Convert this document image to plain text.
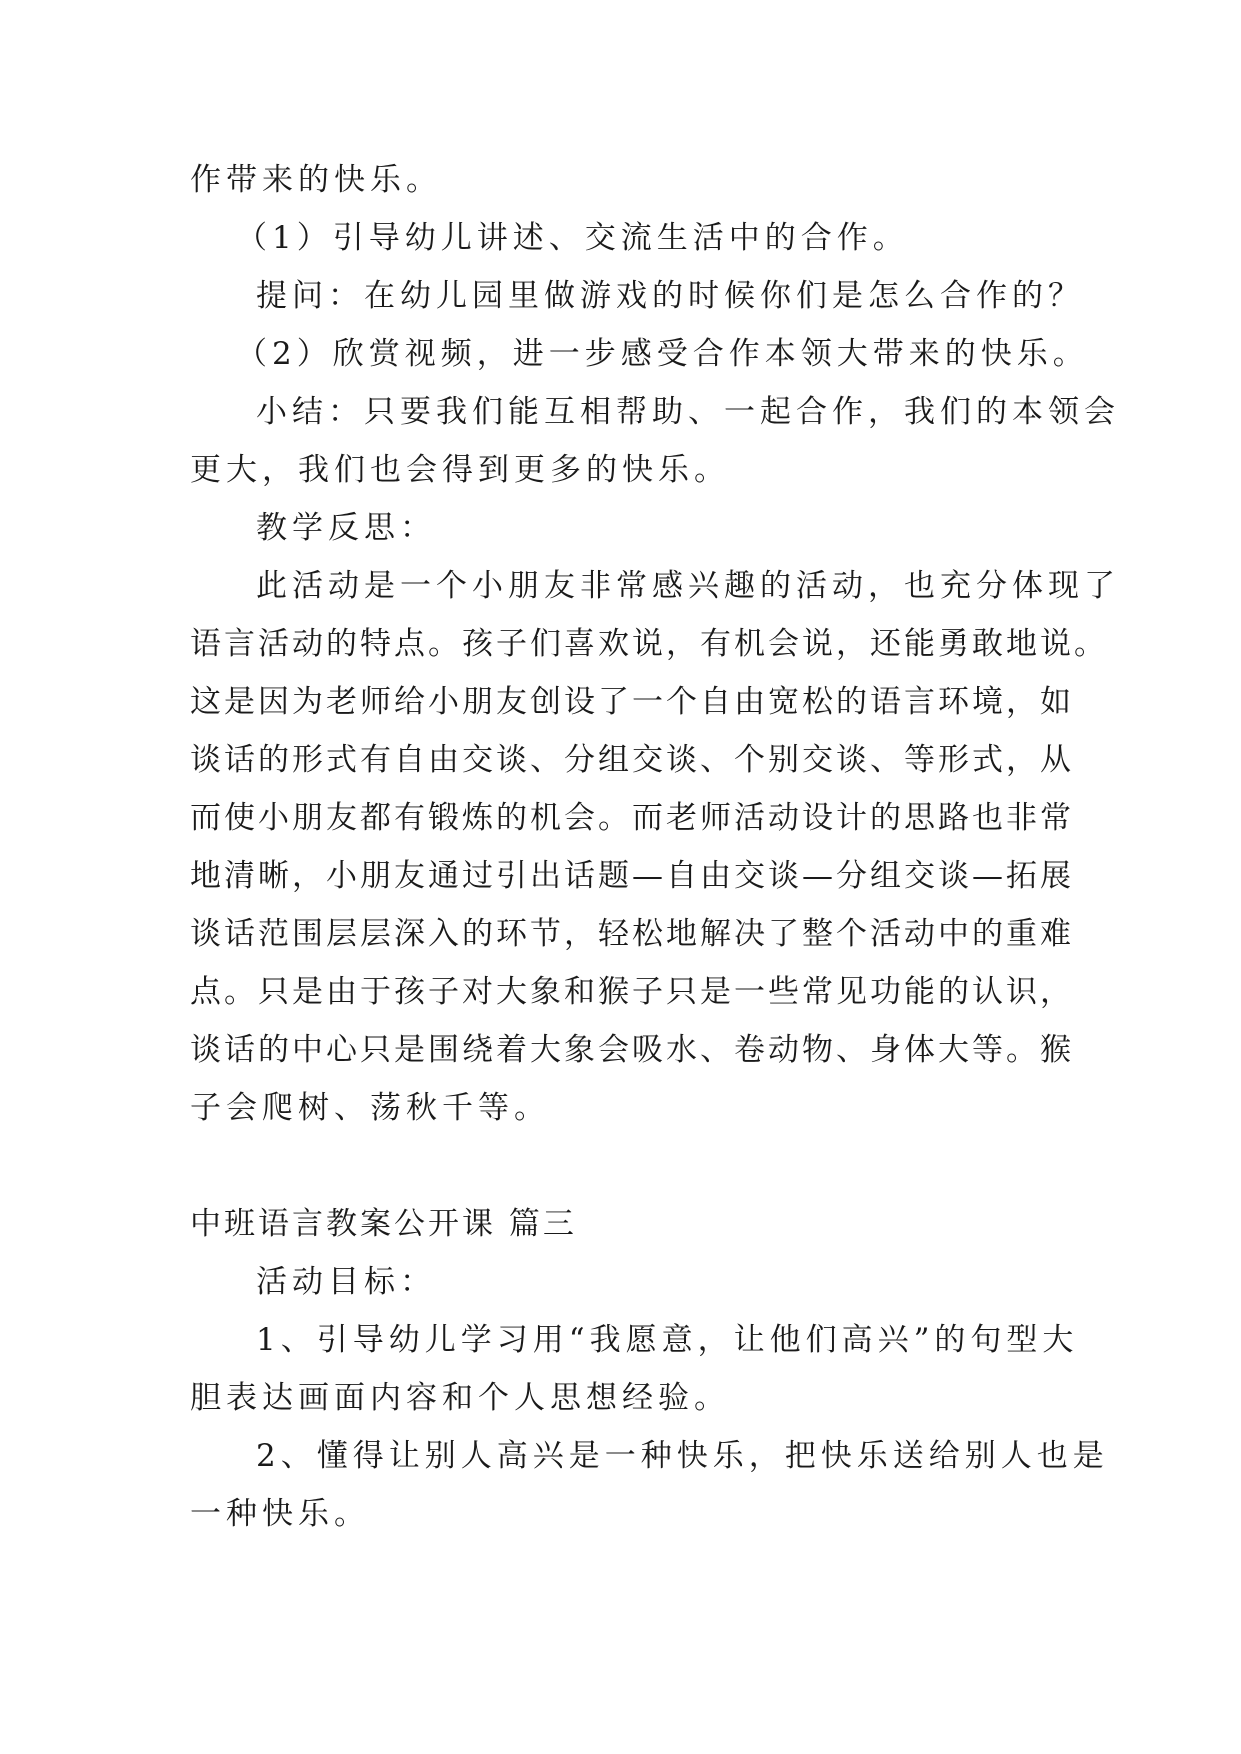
作带来的快乐。
（1）引导幼儿讲述、交流生活中的合作。
提问：在幼儿园里做游戏的时候你们是怎么合作的？
（2）欣赏视频，进一步感受合作本领大带来的快乐。
小结：只要我们能互相帮助、一起合作，我们的本领会
更大，我们也会得到更多的快乐。
教学反思：
此活动是一个小朋友非常感兴趣的活动，也充分体现了
语言活动的特点。孩子们喜欢说，有机会说，还能勇敢地说。
这是因为老师给小朋友创设了一个自由宽松的语言环境，如
谈话的形式有自由交谈、分组交谈、个别交谈、等形式，从
而使小朋友都有锻炼的机会。而老师活动设计的思路也非常
地清晰，小朋友通过引出话题—自由交谈—分组交谈—拓展
谈话范围层层深入的环节，轻松地解决了整个活动中的重难
点。只是由于孩子对大象和猴子只是一些常见功能的认识，
谈话的中心只是围绕着大象会吸水、卷动物、身体大等。猴
子会爬树、荡秋千等。
中班语言教案公开课 篇三
活动目标：
1、引导幼儿学习用“我愿意，让他们高兴”的句型大
胆表达画面内容和个人思想经验。
2、懂得让别人高兴是一种快乐，把快乐送给别人也是
一种快乐。
